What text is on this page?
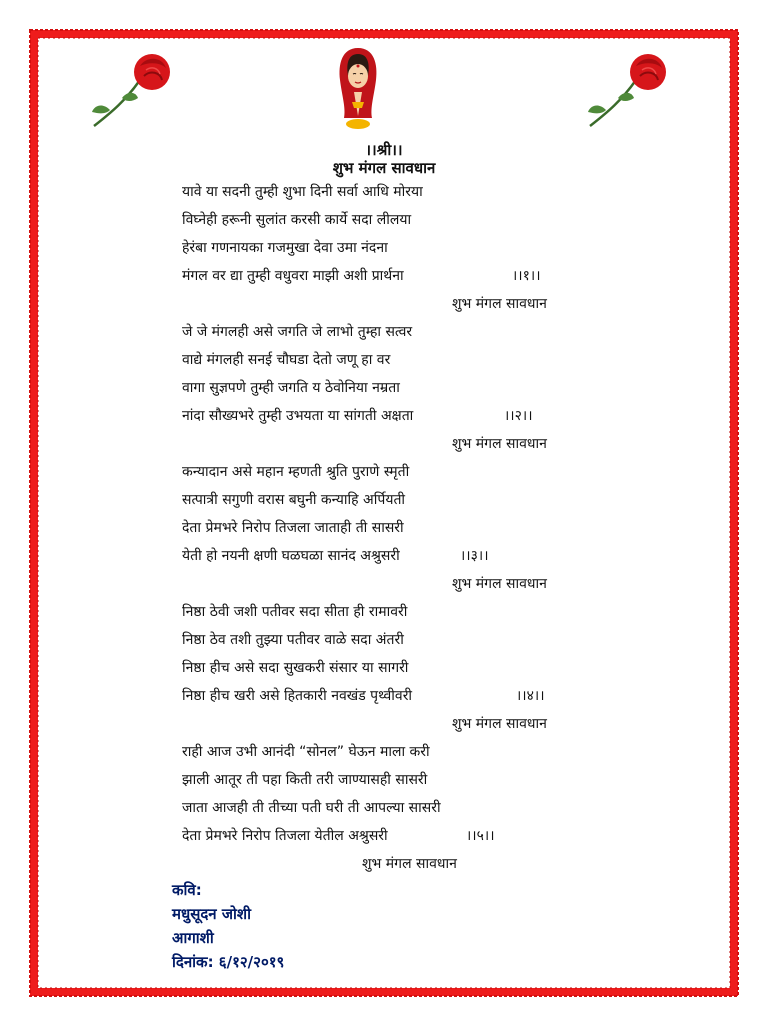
।।श्री।।
शुभ मंगल सावधान
यावे या सदनी तुम्ही शुभा दिनी सर्वा आधि मोरया
विघ्नेही हरूनी सुलांत करसी कार्ये सदा लीलया
हेरंबा गणनायका गजमुखा देवा उमा नंदना
मंगल वर द्या तुम्ही वधुवरा माझी अशी प्रार्थना	।।१।।
शुभ मंगल सावधान
जे जे मंगलही असे जगति जे लाभो तुम्हा सत्वर
वाद्ये मंगलही सनई चौघडा देतो जणू हा वर
वागा सुज्ञपणे तुम्ही जगति य ठेवोनिया नम्रता
नांदा सौख्यभरे तुम्ही उभयता या सांगती अक्षता	।।२।।
शुभ मंगल सावधान
कन्यादान असे महान म्हणती श्रुति पुराणे स्मृती
सत्पात्री सगुणी वरास बघुनी कन्याहि अर्पियती
देता प्रेमभरे निरोप तिजला जाताही ती सासरी
येती हो नयनी क्षणी घळघळा सानंद अश्रुसरी	।।३।।
शुभ मंगल सावधान
निष्ठा ठेवी जशी पतीवर सदा सीता ही रामावरी
निष्ठा ठेव तशी तुझ्या पतीवर वाळे सदा अंतरी
निष्ठा हीच असे सदा सुखकरी संसार या सागरी
निष्ठा हीच खरी असे हितकारी नवखंड पृथ्वीवरी	।।४।।
शुभ मंगल सावधान
राही आज उभी आनंदी “सोनल” घेऊन माला करी
झाली आतूर ती पहा किती तरी जाण्यासही सासरी
जाता आजही ती तीच्या पती घरी ती आपल्या सासरी
देता प्रेमभरे निरोप तिजला येतील अश्रुसरी	।।५।।
शुभ मंगल सावधान
कवि:
मधुसूदन जोशी
आगाशी
दिनांक: ६/१२/२०१९
